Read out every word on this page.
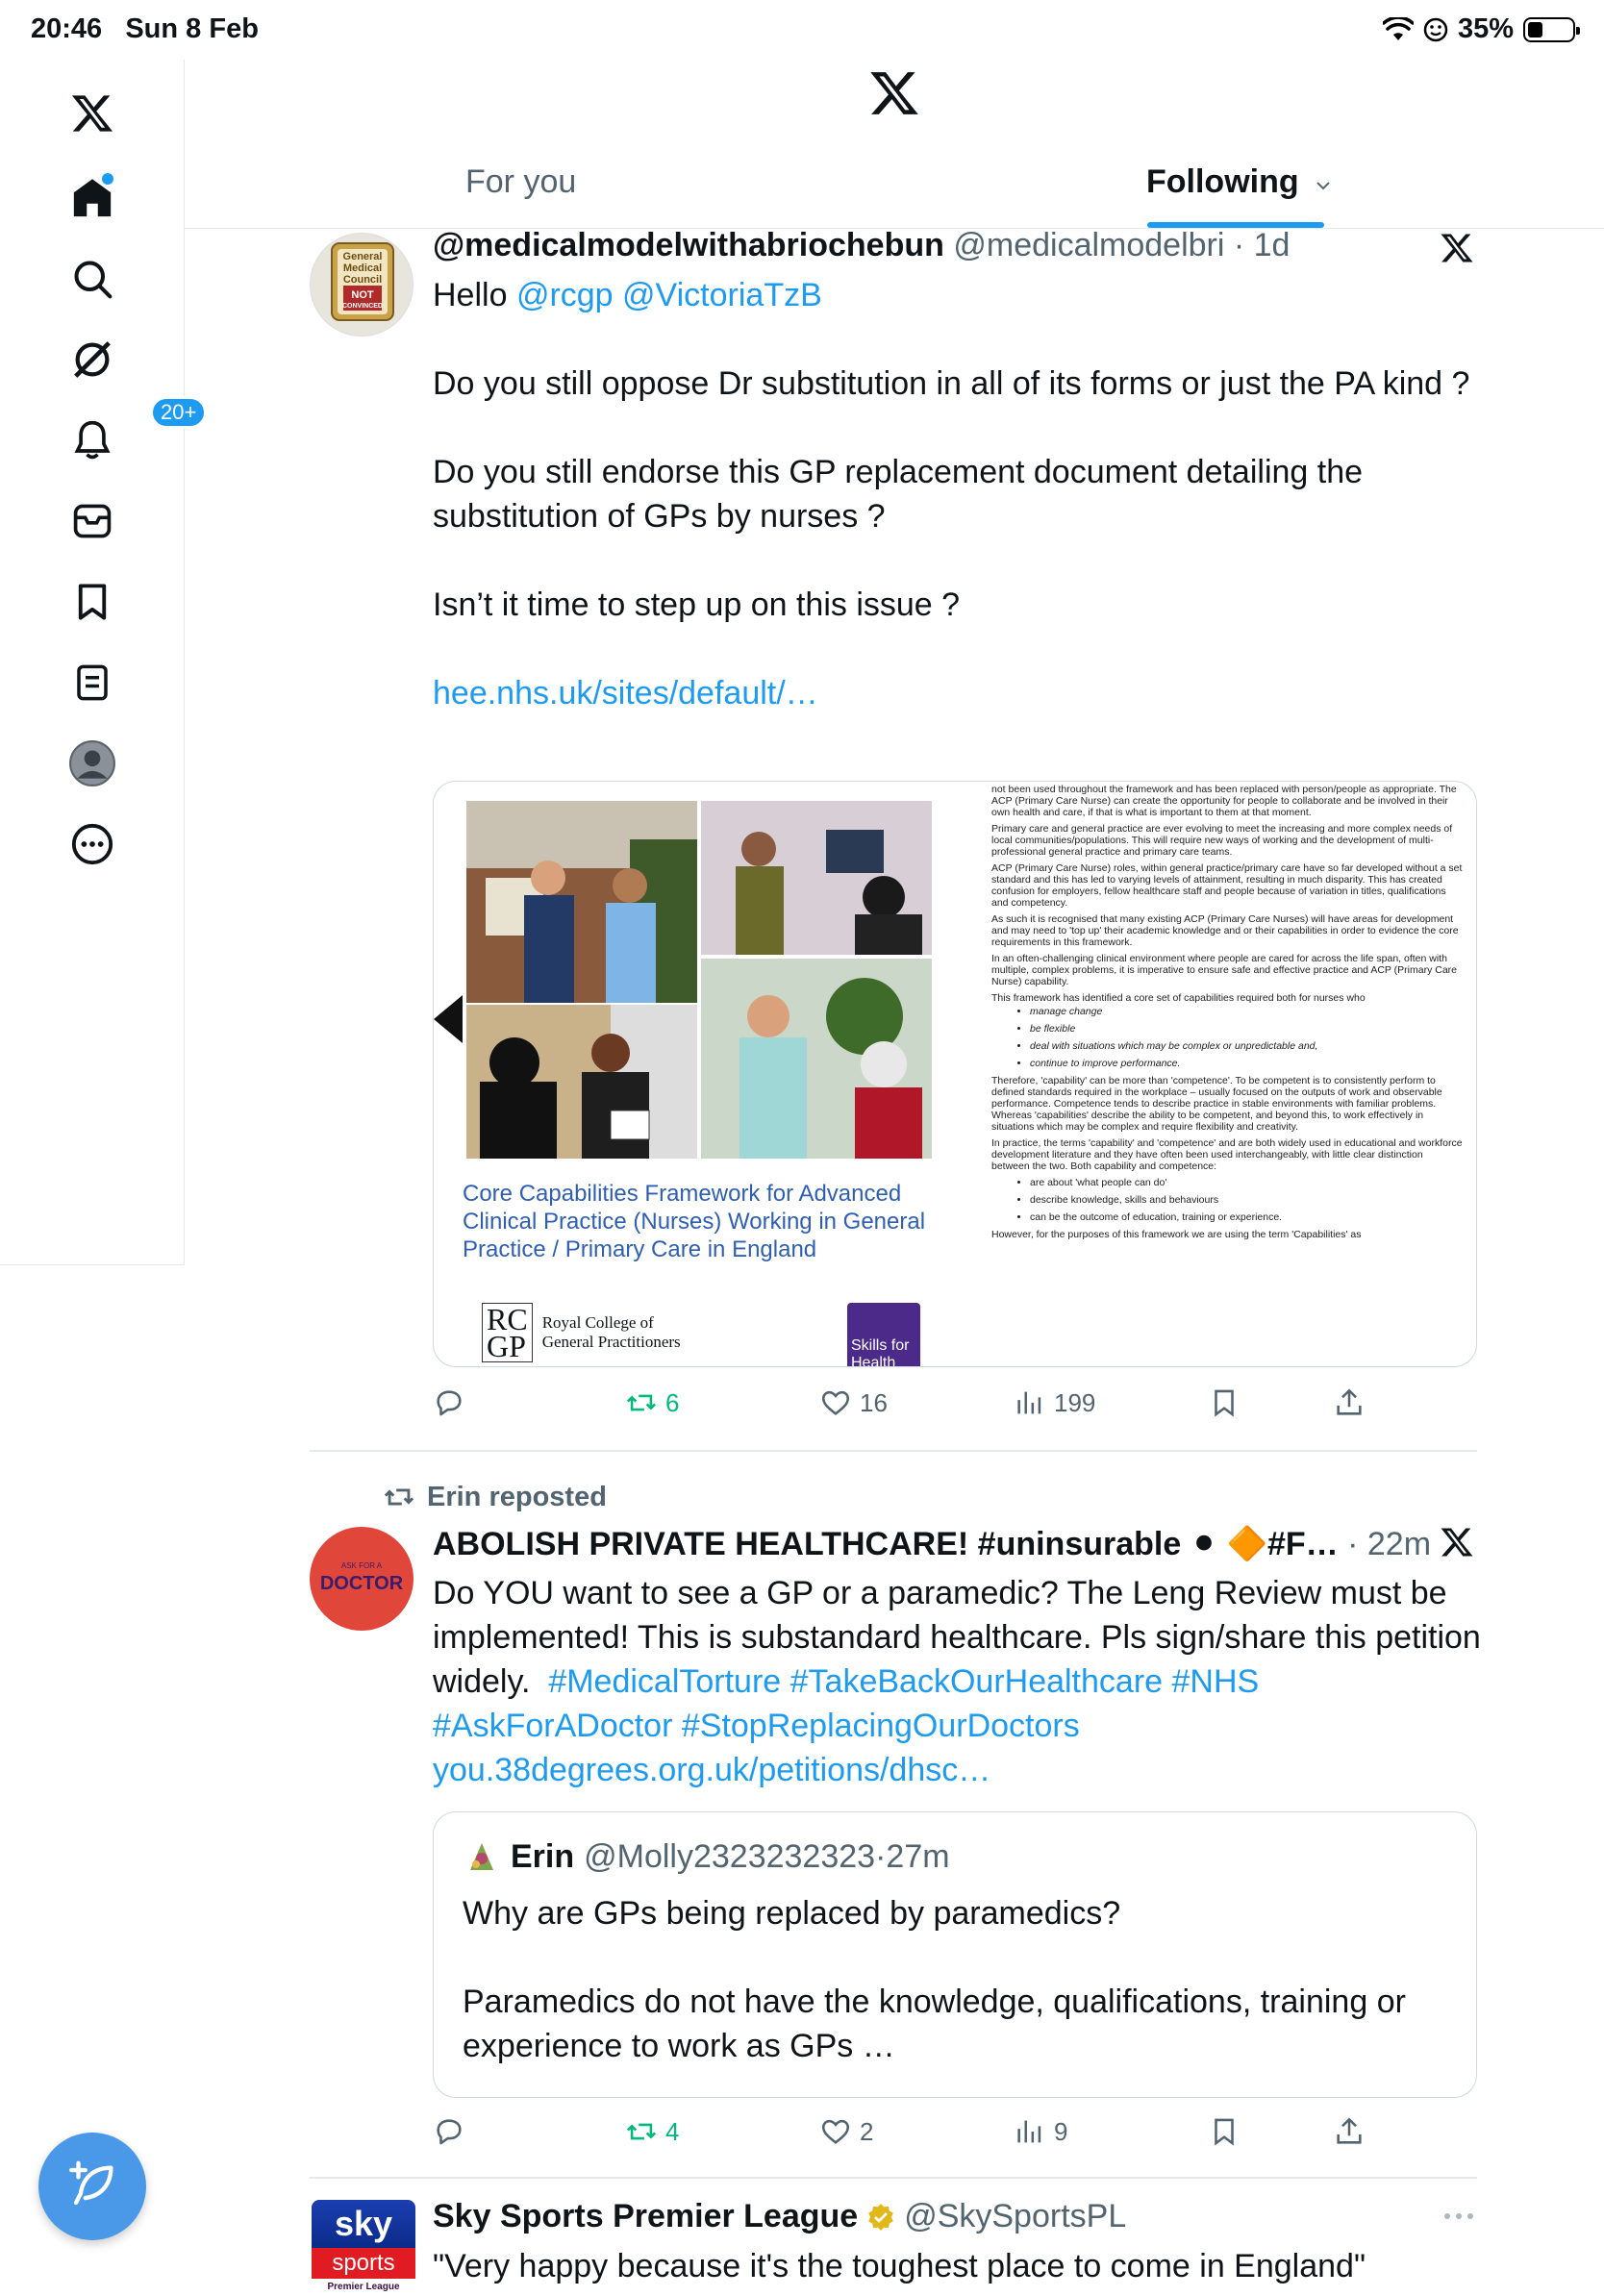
20:46 Sun 8 Feb	35%
20+
For you	Following
General
Medical
Council
NOT
CONVINCED
@medicalmodelwithabriochebun @medicalmodelbri · 1d
Hello @rcgp @VictoriaTzB
Do you still oppose Dr substitution in all of its forms or just the PA kind ?
Do you still endorse this GP replacement document detailing the substitution of GPs by nurses ?
Isn’t it time to step up on this issue ?
hee.nhs.uk/sites/default/…
Core Capabilities Framework for Advanced Clinical Practice (Nurses) Working in General Practice / Primary Care in England
RC
GP
Royal College of
General Practitioners	Skills for Health

not been used throughout the framework and has been replaced with person/people as appropriate. The ACP (Primary Care Nurse) can create the opportunity for people to collaborate and be involved in their own health and care, if that is what is important to them at that moment.

Primary care and general practice are ever evolving to meet the increasing and more complex needs of local communities/populations. This will require new ways of working and the development of multi-professional general practice and primary care teams.

ACP (Primary Care Nurse) roles, within general practice/primary care have so far developed without a set standard and this has led to varying levels of attainment, resulting in much disparity. This has created confusion for employers, fellow healthcare staff and people because of variation in titles, qualifications and competency.

As such it is recognised that many existing ACP (Primary Care Nurses) will have areas for development and may need to 'top up' their academic knowledge and or their capabilities in order to evidence the core requirements in this framework.

In an often-challenging clinical environment where people are cared for across the life span, often with multiple, complex problems, it is imperative to ensure safe and effective practice and ACP (Primary Care Nurse) capability.

This framework has identified a core set of capabilities required both for nurses who

• manage change
• be flexible
• deal with situations which may be complex or unpredictable and,
• continue to improve performance.

Therefore, 'capability' can be more than 'competence'. To be competent is to consistently perform to defined standards required in the workplace – usually focused on the outputs of work and observable performance. Competence tends to describe practice in stable environments with familiar problems. Whereas 'capabilities' describe the ability to be competent, and beyond this, to work effectively in situations which may be complex and require flexibility and creativity.

In practice, the terms 'capability' and 'competence' and are both widely used in educational and workforce development literature and they have often been used interchangeably, with little clear distinction between the two. Both capability and competence:

• are about 'what people can do'
• describe knowledge, skills and behaviours
• can be the outcome of education, training or experience.

However, for the purposes of this framework we are using the term 'Capabilities' as

6	16	199
Erin reposted
ASK FOR A
DOCTOR
ABOLISH PRIVATE HEALTHCARE! #uninsurable ⚫ 🔶#F… · 22m
Do YOU want to see a GP or a paramedic? The Leng Review must be implemented! This is substandard healthcare. Pls sign/share this petition widely. #MedicalTorture #TakeBackOurHealthcare #NHS #AskForADoctor #StopReplacingOurDoctors you.38degrees.org.uk/petitions/dhsc…
Erin @Molly2323232323 · 27m
Why are GPs being replaced by paramedics?
Paramedics do not have the knowledge, qualifications, training or experience to work as GPs …
4	2	9
sky
sports
Premier League
Sky Sports Premier League @SkySportsPL
"Very happy because it's the toughest place to come in England"
